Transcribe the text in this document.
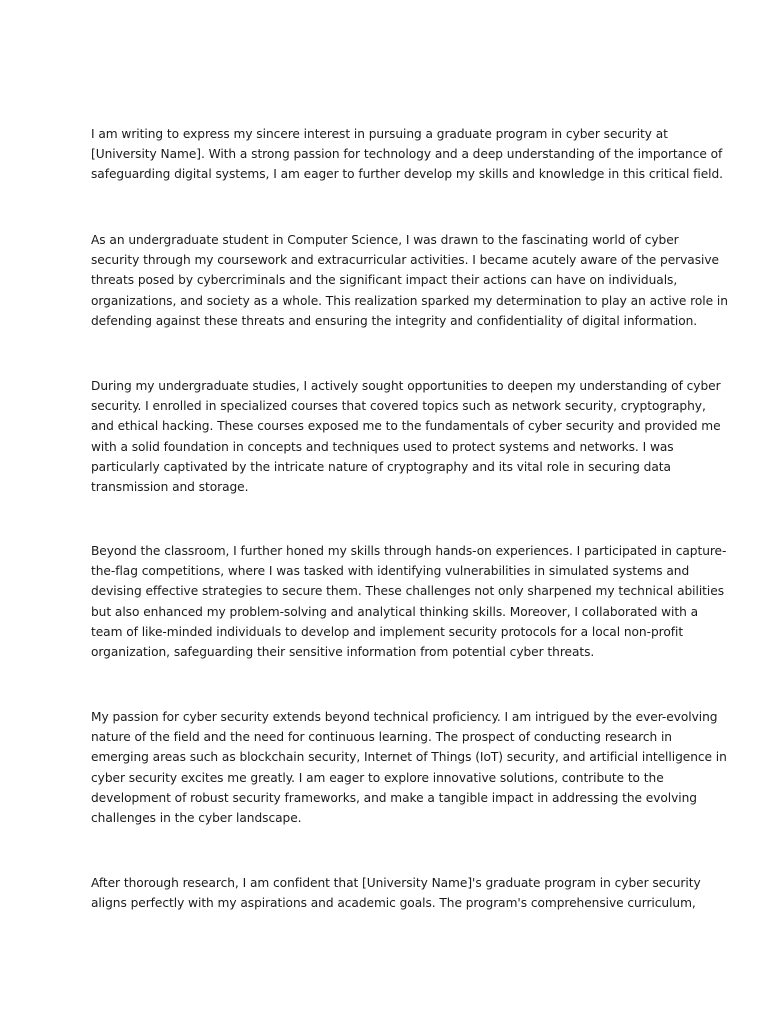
I am writing to express my sincere interest in pursuing a graduate program in cyber security at
[University Name]. With a strong passion for technology and a deep understanding of the importance of
safeguarding digital systems, I am eager to further develop my skills and knowledge in this critical field.

As an undergraduate student in Computer Science, I was drawn to the fascinating world of cyber
security through my coursework and extracurricular activities. I became acutely aware of the pervasive
threats posed by cybercriminals and the significant impact their actions can have on individuals,
organizations, and society as a whole. This realization sparked my determination to play an active role in
defending against these threats and ensuring the integrity and confidentiality of digital information.

During my undergraduate studies, I actively sought opportunities to deepen my understanding of cyber
security. I enrolled in specialized courses that covered topics such as network security, cryptography,
and ethical hacking. These courses exposed me to the fundamentals of cyber security and provided me
with a solid foundation in concepts and techniques used to protect systems and networks. I was
particularly captivated by the intricate nature of cryptography and its vital role in securing data
transmission and storage.

Beyond the classroom, I further honed my skills through hands-on experiences. I participated in capture-
the-flag competitions, where I was tasked with identifying vulnerabilities in simulated systems and
devising effective strategies to secure them. These challenges not only sharpened my technical abilities
but also enhanced my problem-solving and analytical thinking skills. Moreover, I collaborated with a
team of like-minded individuals to develop and implement security protocols for a local non-profit
organization, safeguarding their sensitive information from potential cyber threats.

My passion for cyber security extends beyond technical proficiency. I am intrigued by the ever-evolving
nature of the field and the need for continuous learning. The prospect of conducting research in
emerging areas such as blockchain security, Internet of Things (IoT) security, and artificial intelligence in
cyber security excites me greatly. I am eager to explore innovative solutions, contribute to the
development of robust security frameworks, and make a tangible impact in addressing the evolving
challenges in the cyber landscape.

After thorough research, I am confident that [University Name]'s graduate program in cyber security
aligns perfectly with my aspirations and academic goals. The program's comprehensive curriculum,
